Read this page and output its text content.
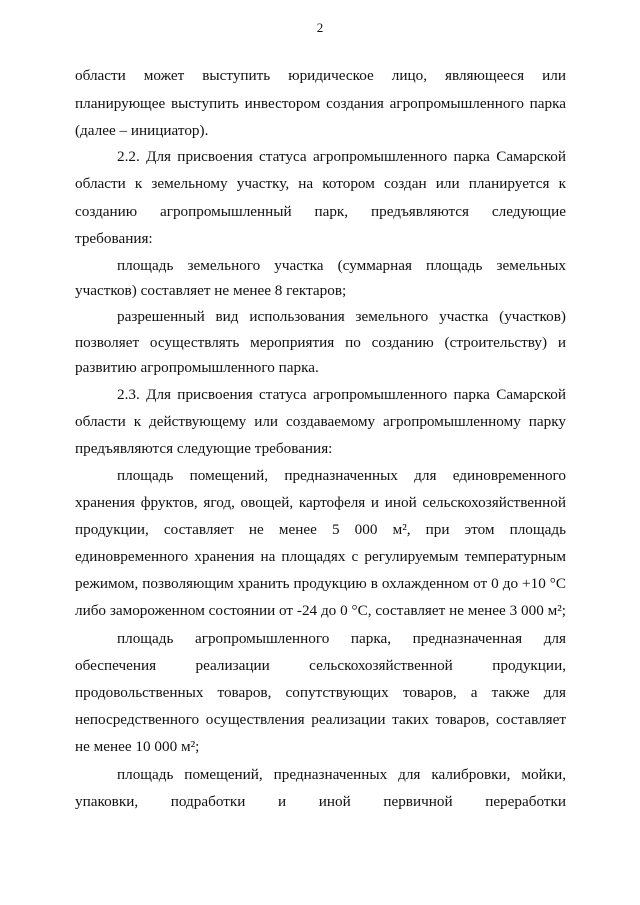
2
области может выступить юридическое лицо, являющееся или
планирующее выступить инвестором создания агропромышленного парка
(далее – инициатор).
2.2. Для присвоения статуса агропромышленного парка Самарской
области к земельному участку, на котором создан или планируется к
созданию агропромышленный парк, предъявляются следующие
требования:
площадь земельного участка (суммарная площадь земельных
участков) составляет не менее 8 гектаров;
разрешенный вид использования земельного участка (участков)
позволяет осуществлять мероприятия по созданию (строительству) и
развитию агропромышленного парка.
2.3. Для присвоения статуса агропромышленного парка Самарской
области к действующему или создаваемому агропромышленному парку
предъявляются следующие требования:
площадь помещений, предназначенных для единовременного
хранения фруктов, ягод, овощей, картофеля и иной сельскохозяйственной
продукции, составляет не менее 5 000 м², при этом площадь
единовременного хранения на площадях с регулируемым температурным
режимом, позволяющим хранить продукцию в охлажденном от 0 до +10 °С
либо замороженном состоянии от -24 до 0 °С, составляет не менее 3 000 м²;
площадь агропромышленного парка, предназначенная для
обеспечения реализации сельскохозяйственной продукции,
продовольственных товаров, сопутствующих товаров, а также для
непосредственного осуществления реализации таких товаров, составляет
не менее 10 000 м²;
площадь помещений, предназначенных для калибровки, мойки,
упаковки, подработки и иной первичной переработки
